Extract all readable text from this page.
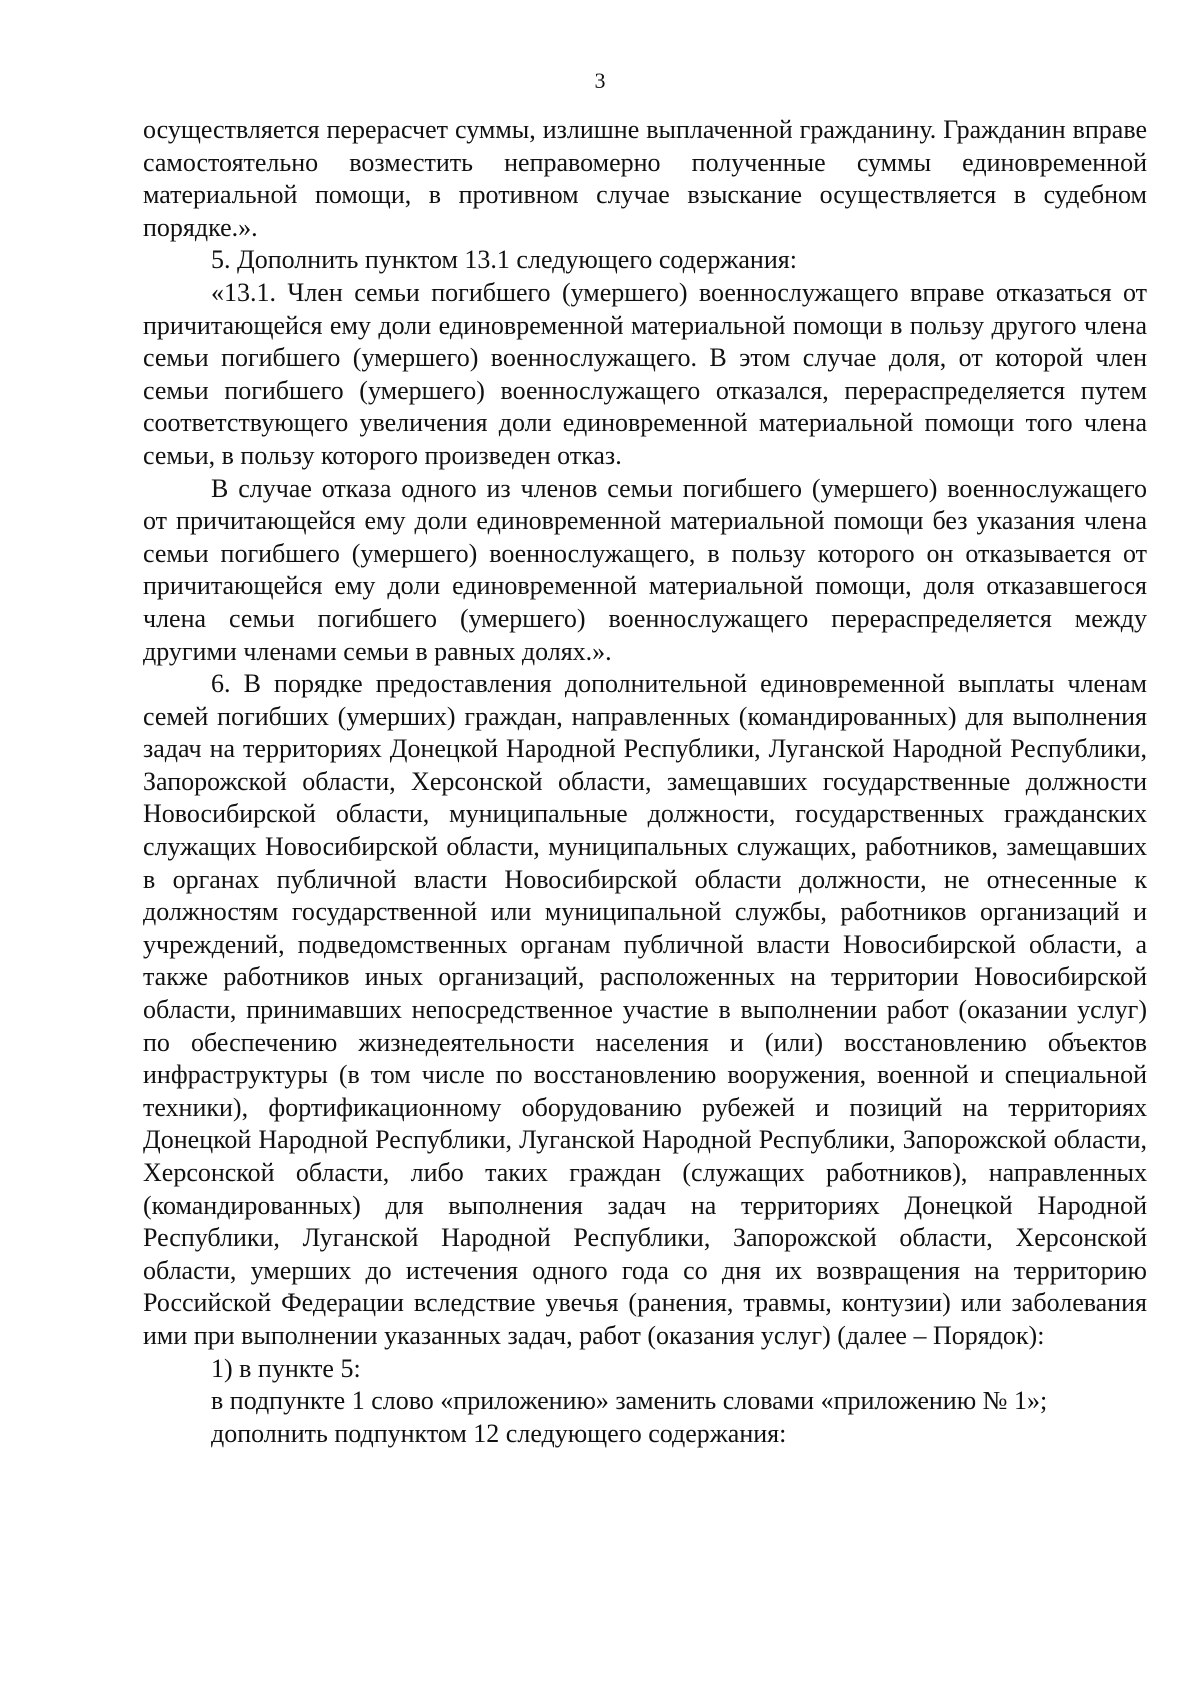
3

осуществляется перерасчет суммы, излишне выплаченной гражданину. Гражданин вправе самостоятельно возместить неправомерно полученные суммы единовременной материальной помощи, в противном случае взыскание осуществляется в судебном порядке.».

5. Дополнить пунктом 13.1 следующего содержания:

«13.1. Член семьи погибшего (умершего) военнослужащего вправе отказаться от причитающейся ему доли единовременной материальной помощи в пользу другого члена семьи погибшего (умершего) военнослужащего. В этом случае доля, от которой член семьи погибшего (умершего) военнослужащего отказался, перераспределяется путем соответствующего увеличения доли единовременной материальной помощи того члена семьи, в пользу которого произведен отказ.

В случае отказа одного из членов семьи погибшего (умершего) военнослужащего от причитающейся ему доли единовременной материальной помощи без указания члена семьи погибшего (умершего) военнослужащего, в пользу которого он отказывается от причитающейся ему доли единовременной материальной помощи, доля отказавшегося члена семьи погибшего (умершего) военнослужащего перераспределяется между другими членами семьи в равных долях.».

6. В порядке предоставления дополнительной единовременной выплаты членам семей погибших (умерших) граждан, направленных (командированных) для выполнения задач на территориях Донецкой Народной Республики, Луганской Народной Республики, Запорожской области, Херсонской области, замещавших государственные должности Новосибирской области, муниципальные должности, государственных гражданских служащих Новосибирской области, муниципальных служащих, работников, замещавших в органах публичной власти Новосибирской области должности, не отнесенные к должностям государственной или муниципальной службы, работников организаций и учреждений, подведомственных органам публичной власти Новосибирской области, а также работников иных организаций, расположенных на территории Новосибирской области, принимавших непосредственное участие в выполнении работ (оказании услуг) по обеспечению жизнедеятельности населения и (или) восстановлению объектов инфраструктуры (в том числе по восстановлению вооружения, военной и специальной техники), фортификационному оборудованию рубежей и позиций на территориях Донецкой Народной Республики, Луганской Народной Республики, Запорожской области, Херсонской области, либо таких граждан (служащих работников), направленных (командированных) для выполнения задач на территориях Донецкой Народной Республики, Луганской Народной Республики, Запорожской области, Херсонской области, умерших до истечения одного года со дня их возвращения на территорию Российской Федерации вследствие увечья (ранения, травмы, контузии) или заболевания ими при выполнении указанных задач, работ (оказания услуг) (далее – Порядок):

1) в пункте 5:

в подпункте 1 слово «приложению» заменить словами «приложению № 1»;

дополнить подпунктом 12 следующего содержания:
